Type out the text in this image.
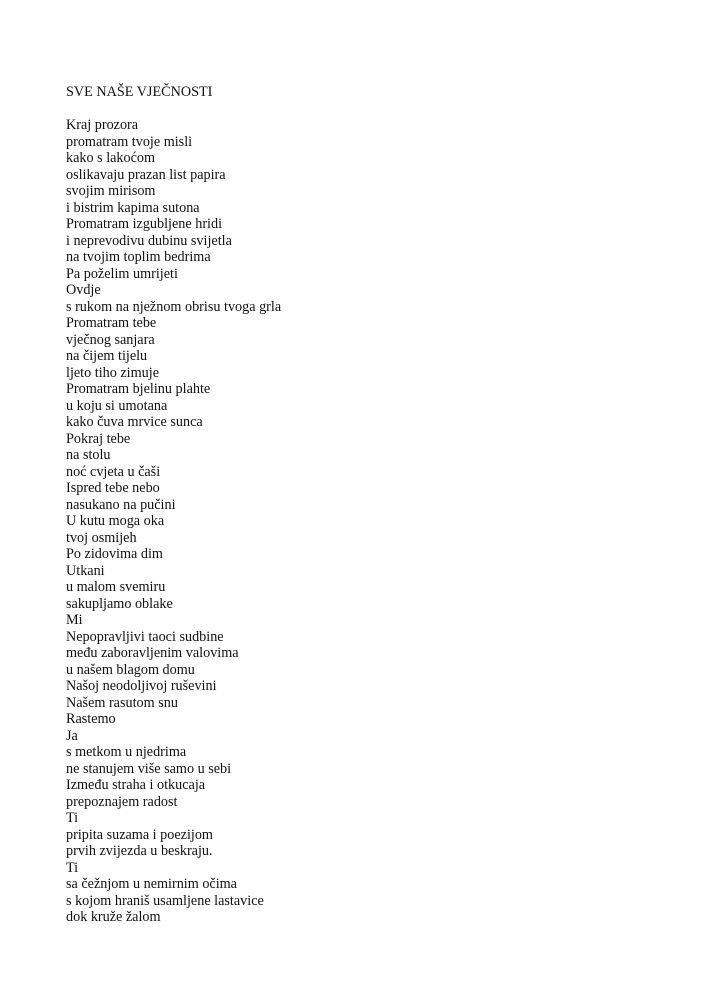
SVE NAŠE VJEČNOSTI
Kraj prozora
promatram tvoje misli
kako s lakoćom
oslikavaju prazan list papira
svojim mirisom
i bistrim kapima sutona
Promatram izgubljene hridi
i neprevodivu dubinu svijetla
na tvojim toplim bedrima
Pa poželim umrijeti
Ovdje
s rukom na nježnom obrisu tvoga grla
Promatram tebe
vječnog sanjara
na čijem tijelu
ljeto tiho zimuje
Promatram bjelinu plahte
u koju si umotana
kako čuva mrvice sunca
Pokraj tebe
na stolu
noć cvjeta u čaši
Ispred tebe nebo
nasukano na pučini
U kutu moga oka
tvoj osmijeh
Po zidovima dim
Utkani
u malom svemiru
sakupljamo oblake
Mi
Nepopravljivi taoci sudbine
među zaboravljenim valovima
u našem blagom domu
Našoj neodoljivoj ruševini
Našem rasutom snu
Rastemo
Ja
s metkom u njedrima
ne stanujem više samo u sebi
Između straha i otkucaja
prepoznajem radost
Ti
pripita suzama i poezijom
prvih zvijezda u beskraju.
Ti
sa čežnjom u nemirnim očima
s kojom hraniš usamljene lastavice
dok kruže žalom
